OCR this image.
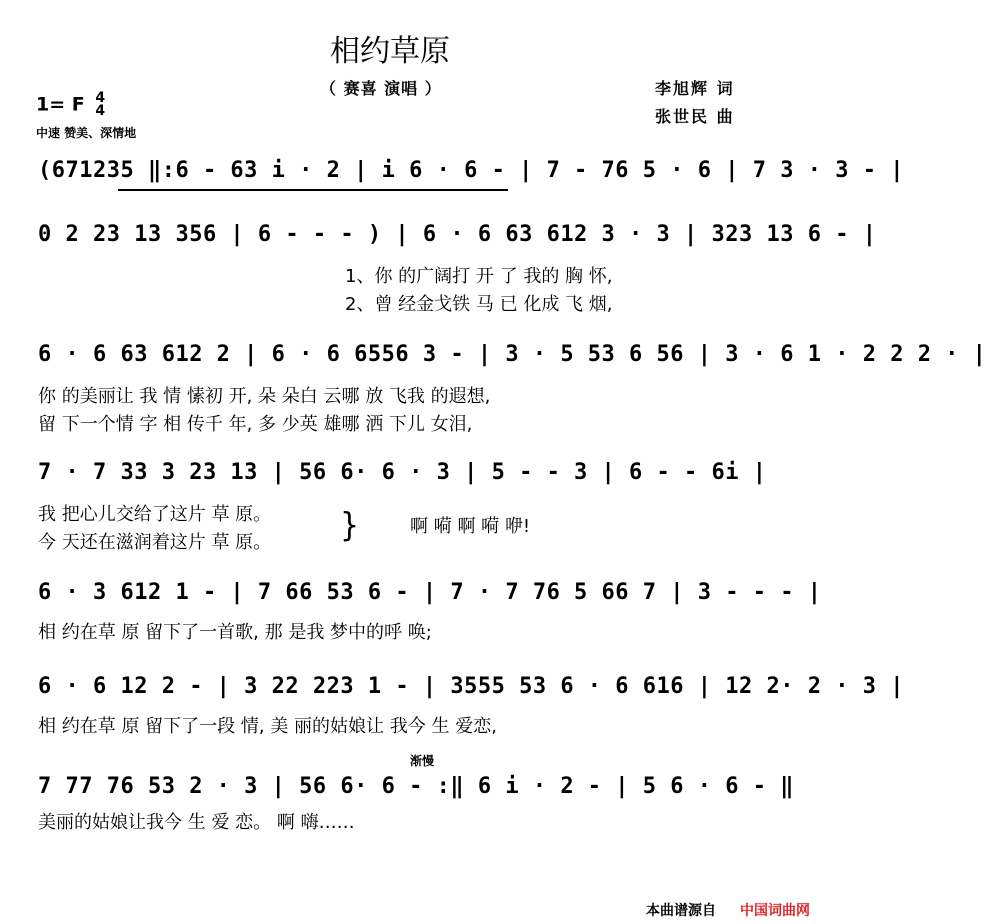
相约草原
（ 赛喜 演唱 ）	李旭辉 词
张世民 曲
1= F 4
4
中速 赞美、深情地
(671235 ‖:6 - 63 i · 2 | i 6 · 6 - | 7 - 76 5 · 6 | 7 3 · 3 - |
0 2 23 13 356 | 6 - - - ) | 6 · 6 63 612 3 · 3 | 323 13 6 - |
6 · 6 63 612 2 | 6 · 6 6556 3 - | 3 · 5 53 6 56 | 3 · 6 1 · 2 2 2 · |
7 · 7 33 3 23 13 | 56 6· 6 · 3 | 5 - - 3 | 6 - - 6i |
6 · 3 612 1 - | 7 66 53 6 - | 7 · 7 76 5 66 7 | 3 - - - |
6 · 6 12 2 - | 3 22 223 1 - | 3555 53 6 · 6 616 | 12 2· 2 · 3 |
渐慢
7 77 76 53 2 · 3 | 56 6· 6 - :‖ 6 i · 2 - | 5 6 · 6 - ‖
1、你 的广阔打 开 了 我的 胸 怀,
2、曾 经金戈铁 马 已 化成 飞 烟,
你 的美丽让 我 情 愫初 开, 朵 朵白 云哪 放 飞我 的遐想,
留 下一个情 字 相 传千 年, 多 少英 雄哪 洒 下儿 女泪,
我 把心儿交给了这片 草 原。
今 天还在滋润着这片 草 原。 }	啊 嗬 啊 嗬 咿!
相 约在草 原 留下了一首歌, 那 是我 梦中的呼 唤;
相 约在草 原 留下了一段 情, 美 丽的姑娘让 我今 生 爱恋,
美丽的姑娘让我今 生 爱 恋。 啊 嗨……
本曲谱源自 中国词曲网
